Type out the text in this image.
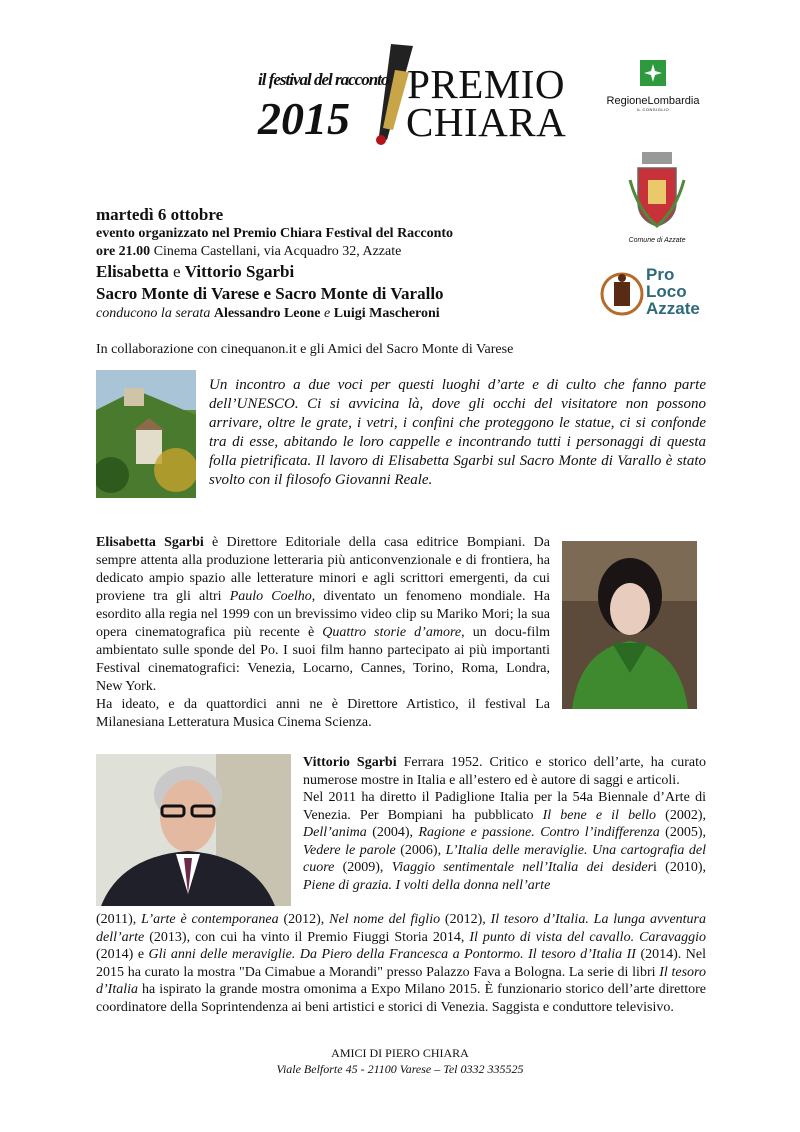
il festival del racconto
2015
PREMIO
CHIARA	RegioneLombardia
IL CONSIGLIO
Comune di Azzate
Pro
Loco
Azzate
martedì 6 ottobre
evento organizzato nel Premio Chiara Festival del Racconto
ore 21.00 Cinema Castellani, via Acquadro 32, Azzate
Elisabetta e Vittorio Sgarbi
Sacro Monte di Varese e Sacro Monte di Varallo
conducono la serata Alessandro Leone e Luigi Mascheroni
In collaborazione con cinequanon.it e gli Amici del Sacro Monte di Varese
Un incontro a due voci per questi luoghi d’arte e di culto che fanno parte dell’UNESCO. Ci si avvicina là, dove gli occhi del visitatore non possono arrivare, oltre le grate, i vetri, i confini che proteggono le statue, ci si confonde tra di esse, abitando le loro cappelle e incontrando tutti i personaggi di questa folla pietrificata. Il lavoro di Elisabetta Sgarbi sul Sacro Monte di Varallo è stato svolto con il filosofo Giovanni Reale.
Elisabetta Sgarbi è Direttore Editoriale della casa editrice Bompiani. Da sempre attenta alla produzione letteraria più anticonvenzionale e di frontiera, ha dedicato ampio spazio alle letterature minori e agli scrittori emergenti, da cui proviene tra gli altri Paulo Coelho, diventato un fenomeno mondiale. Ha esordito alla regia nel 1999 con un brevissimo video clip su Mariko Mori; la sua opera cinematografica più recente è Quattro storie d’amore, un docu-film ambientato sulle sponde del Po. I suoi film hanno partecipato ai più importanti Festival cinematografici: Venezia, Locarno, Cannes, Torino, Roma, Londra, New York.
Ha ideato, e da quattordici anni ne è Direttore Artistico, il festival La Milanesiana Letteratura Musica Cinema Scienza.
Vittorio Sgarbi Ferrara 1952. Critico e storico dell’arte, ha curato numerose mostre in Italia e all’estero ed è autore di saggi e articoli.
Nel 2011 ha diretto il Padiglione Italia per la 54a Biennale d’Arte di Venezia. Per Bompiani ha pubblicato Il bene e il bello (2002), Dell’anima (2004), Ragione e passione. Contro l’indifferenza (2005), Vedere le parole (2006), L’Italia delle meraviglie. Una cartografia del cuore (2009), Viaggio sentimentale nell’Italia dei desideri (2010), Piene di grazia. I volti della donna nell’arte
(2011), L’arte è contemporanea (2012), Nel nome del figlio (2012), Il tesoro d’Italia. La lunga avventura dell’arte (2013), con cui ha vinto il Premio Fiuggi Storia 2014, Il punto di vista del cavallo. Caravaggio (2014) e Gli anni delle meraviglie. Da Piero della Francesca a Pontormo. Il tesoro d’Italia II (2014). Nel 2015 ha curato la mostra "Da Cimabue a Morandi" presso Palazzo Fava a Bologna. La serie di libri Il tesoro d’Italia ha ispirato la grande mostra omonima a Expo Milano 2015. È funzionario storico dell’arte direttore coordinatore della Soprintendenza ai beni artistici e storici di Venezia. Saggista e conduttore televisivo.
AMICI DI PIERO CHIARA
Viale Belforte 45 - 21100 Varese – Tel 0332 335525
